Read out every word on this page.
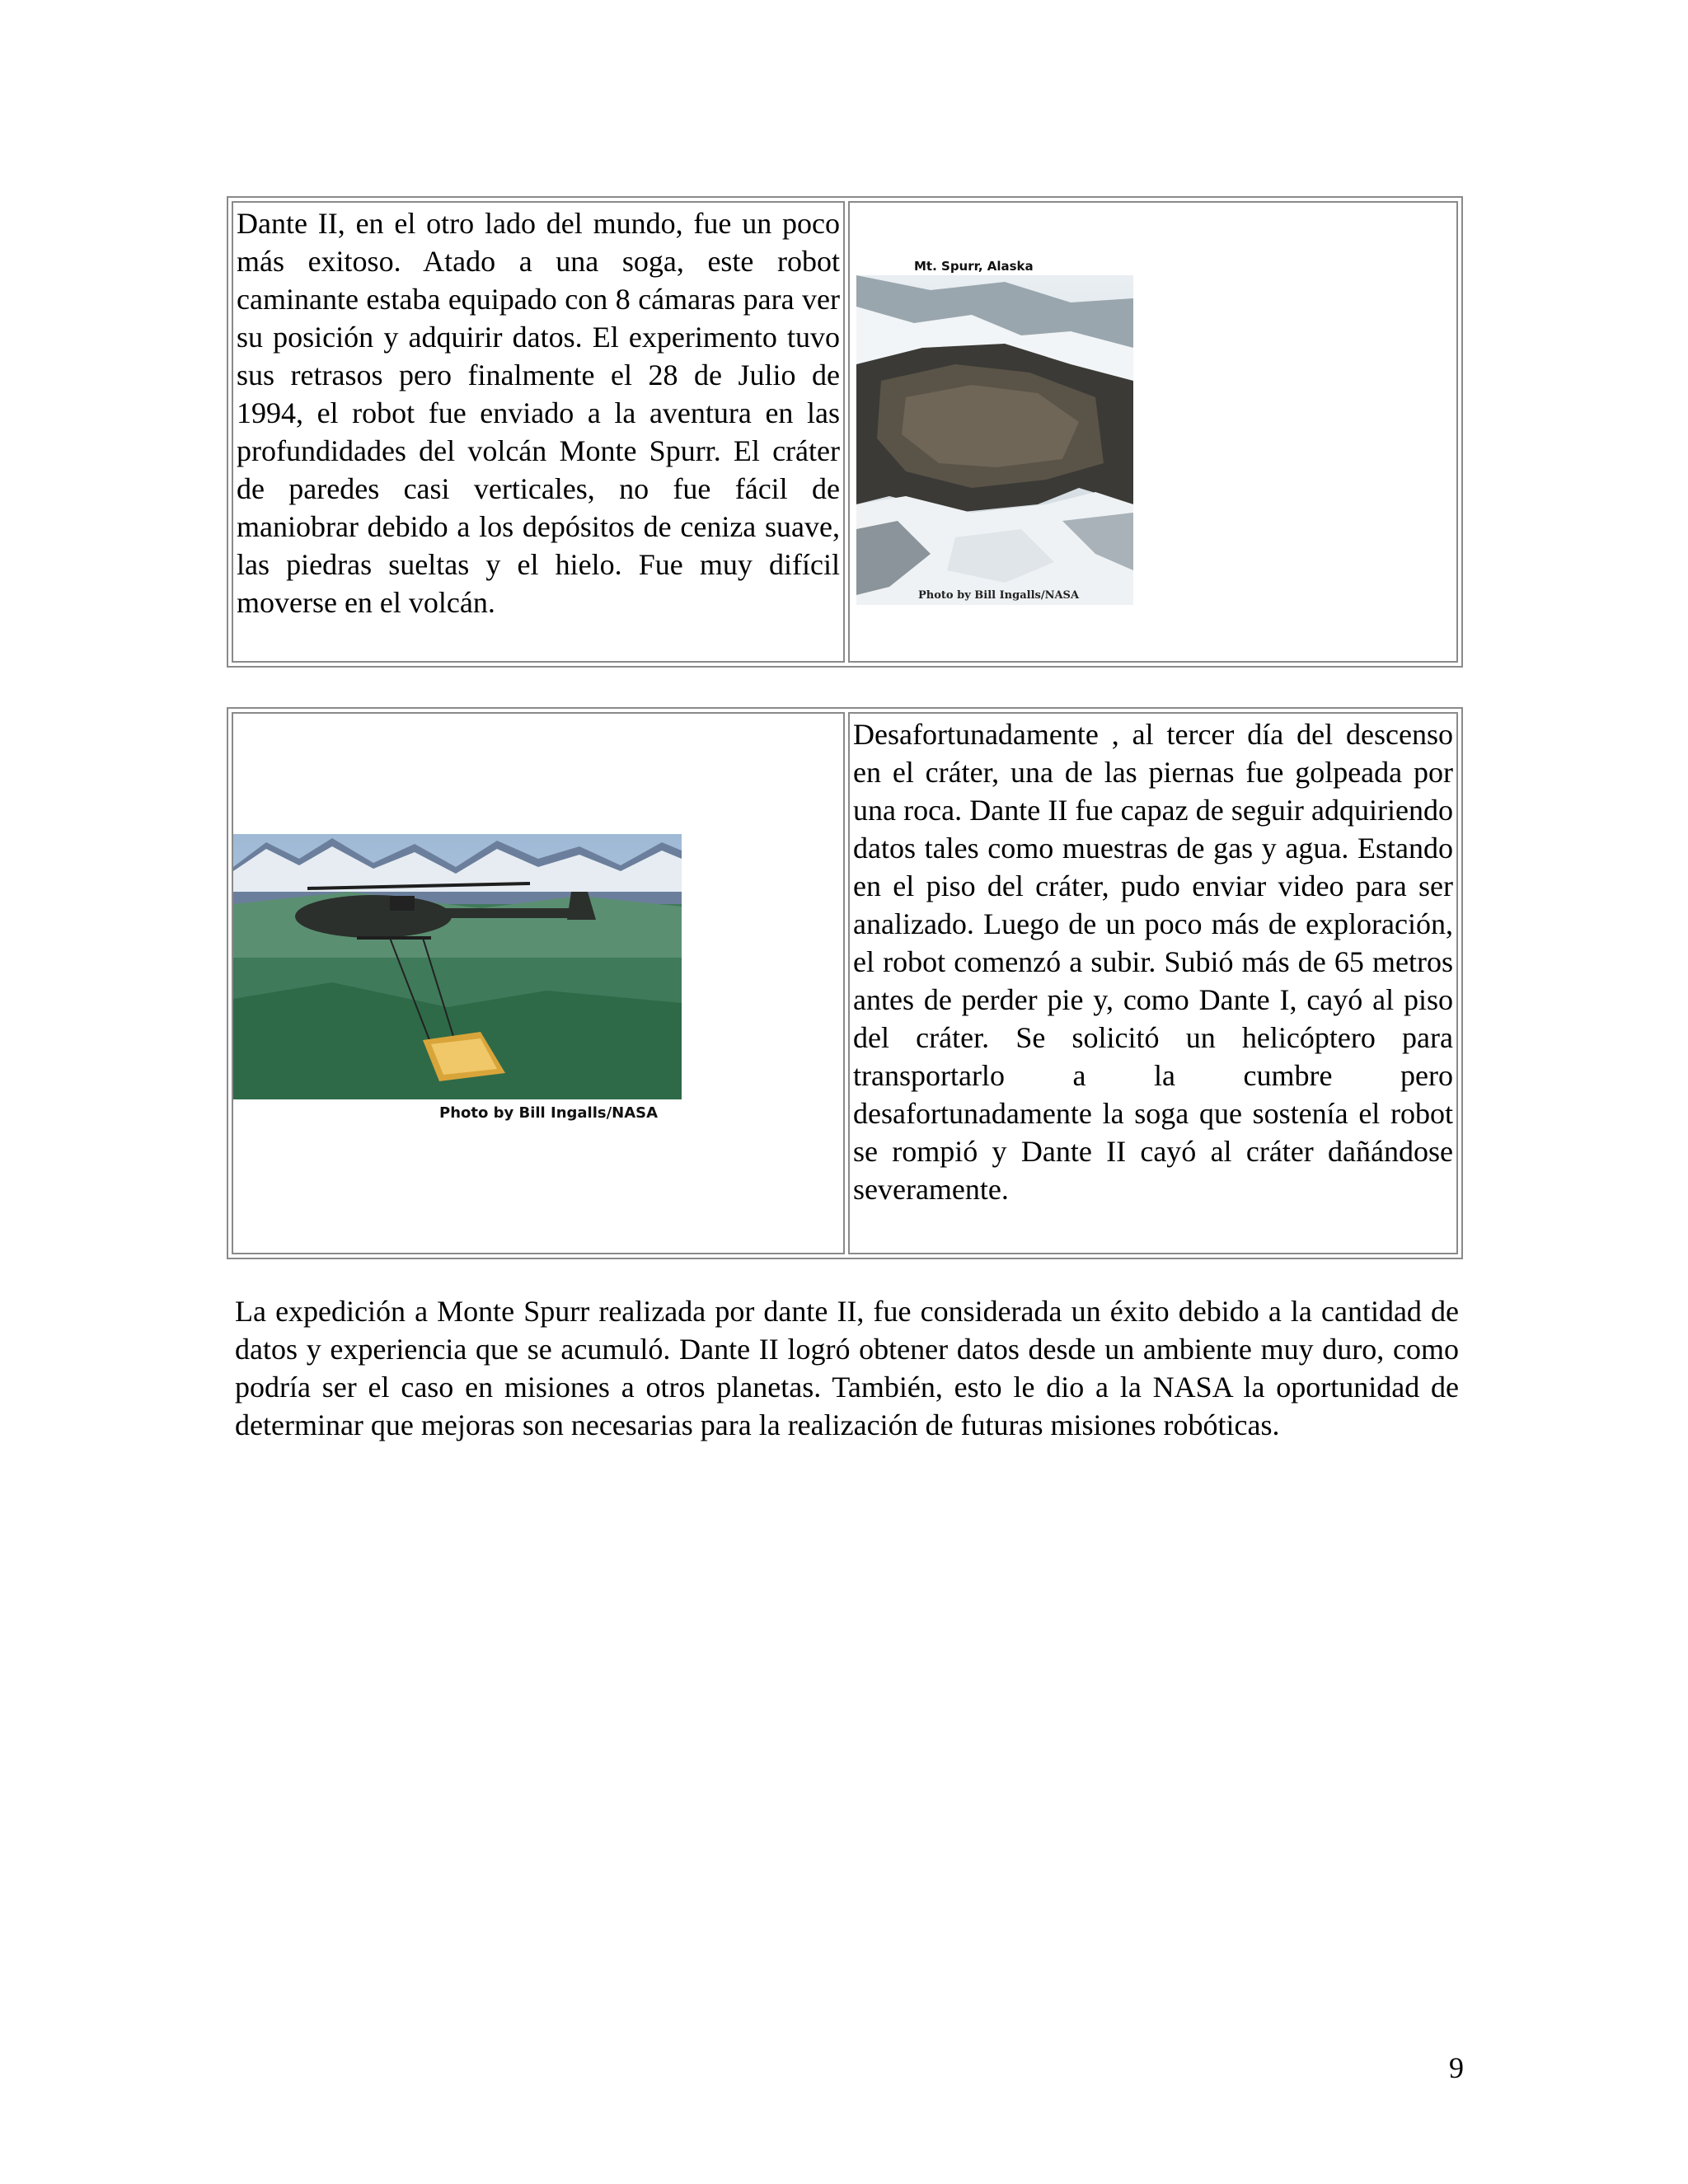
Dante II, en el otro lado del mundo, fue un poco más exitoso. Atado a una soga, este robot caminante estaba equipado con 8 cámaras para ver su posición y adquirir datos. El experimento tuvo sus retrasos pero finalmente el 28 de Julio de 1994, el robot fue enviado a la aventura en las profundidades del volcán Monte Spurr. El cráter de paredes casi verticales, no fue fácil de maniobrar debido a los depósitos de ceniza suave, las piedras sueltas y el hielo. Fue muy difícil moverse en el volcán.

Mt. Spurr, Alaska
Photo by Bill Ingalls/NASA
Photo by Bill Ingalls/NASA

Desafortunadamente , al tercer día del descenso en el cráter, una de las piernas fue golpeada por una roca. Dante II fue capaz de seguir adquiriendo datos tales como muestras de gas y agua. Estando en el piso del cráter, pudo enviar video para ser analizado. Luego de un poco más de exploración, el robot comenzó a subir. Subió más de 65 metros antes de perder pie y, como Dante I, cayó al piso del cráter. Se solicitó un helicóptero para transportarlo a la cumbre pero desafortunadamente la soga que sostenía el robot se rompió y Dante II cayó al cráter dañándose severamente.

La expedición a Monte Spurr realizada por dante II, fue considerada un éxito debido a la cantidad de datos y experiencia que se acumuló. Dante II logró obtener datos desde un ambiente muy duro, como podría ser el caso en misiones a otros planetas. También, esto le dio a la NASA la oportunidad de determinar que mejoras son necesarias para la realización de futuras misiones robóticas.

9
